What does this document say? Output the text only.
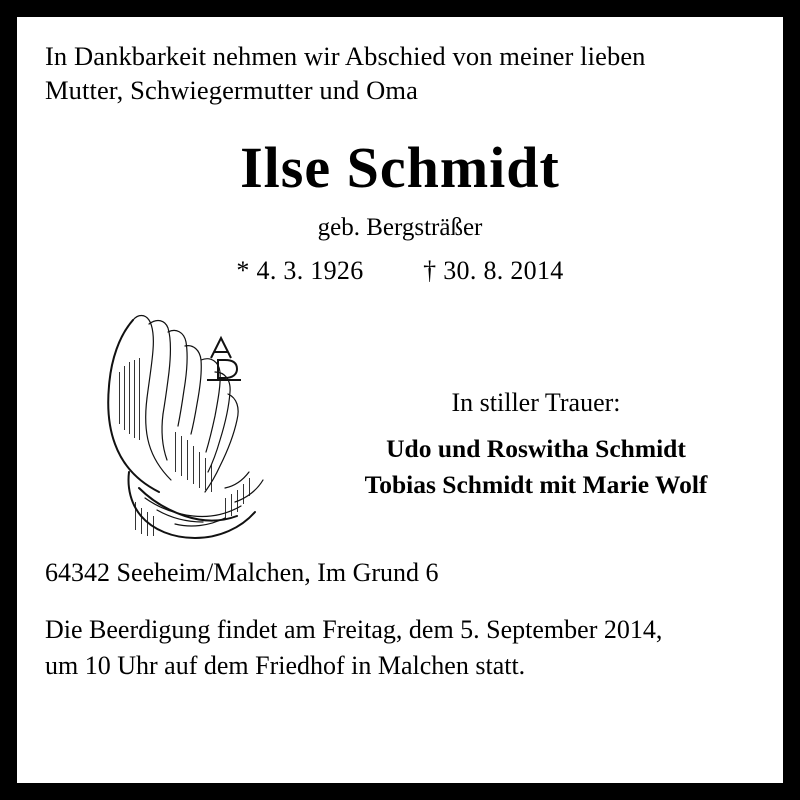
In Dankbarkeit nehmen wir Abschied von meiner lieben
Mutter, Schwiegermutter und Oma
Ilse Schmidt
geb. Bergsträßer
* 4. 3. 1926 † 30. 8. 2014
In stiller Trauer:
Udo und Roswitha Schmidt
Tobias Schmidt mit Marie Wolf
64342 Seeheim/Malchen, Im Grund 6
Die Beerdigung findet am Freitag, dem 5. September 2014,
um 10 Uhr auf dem Friedhof in Malchen statt.
